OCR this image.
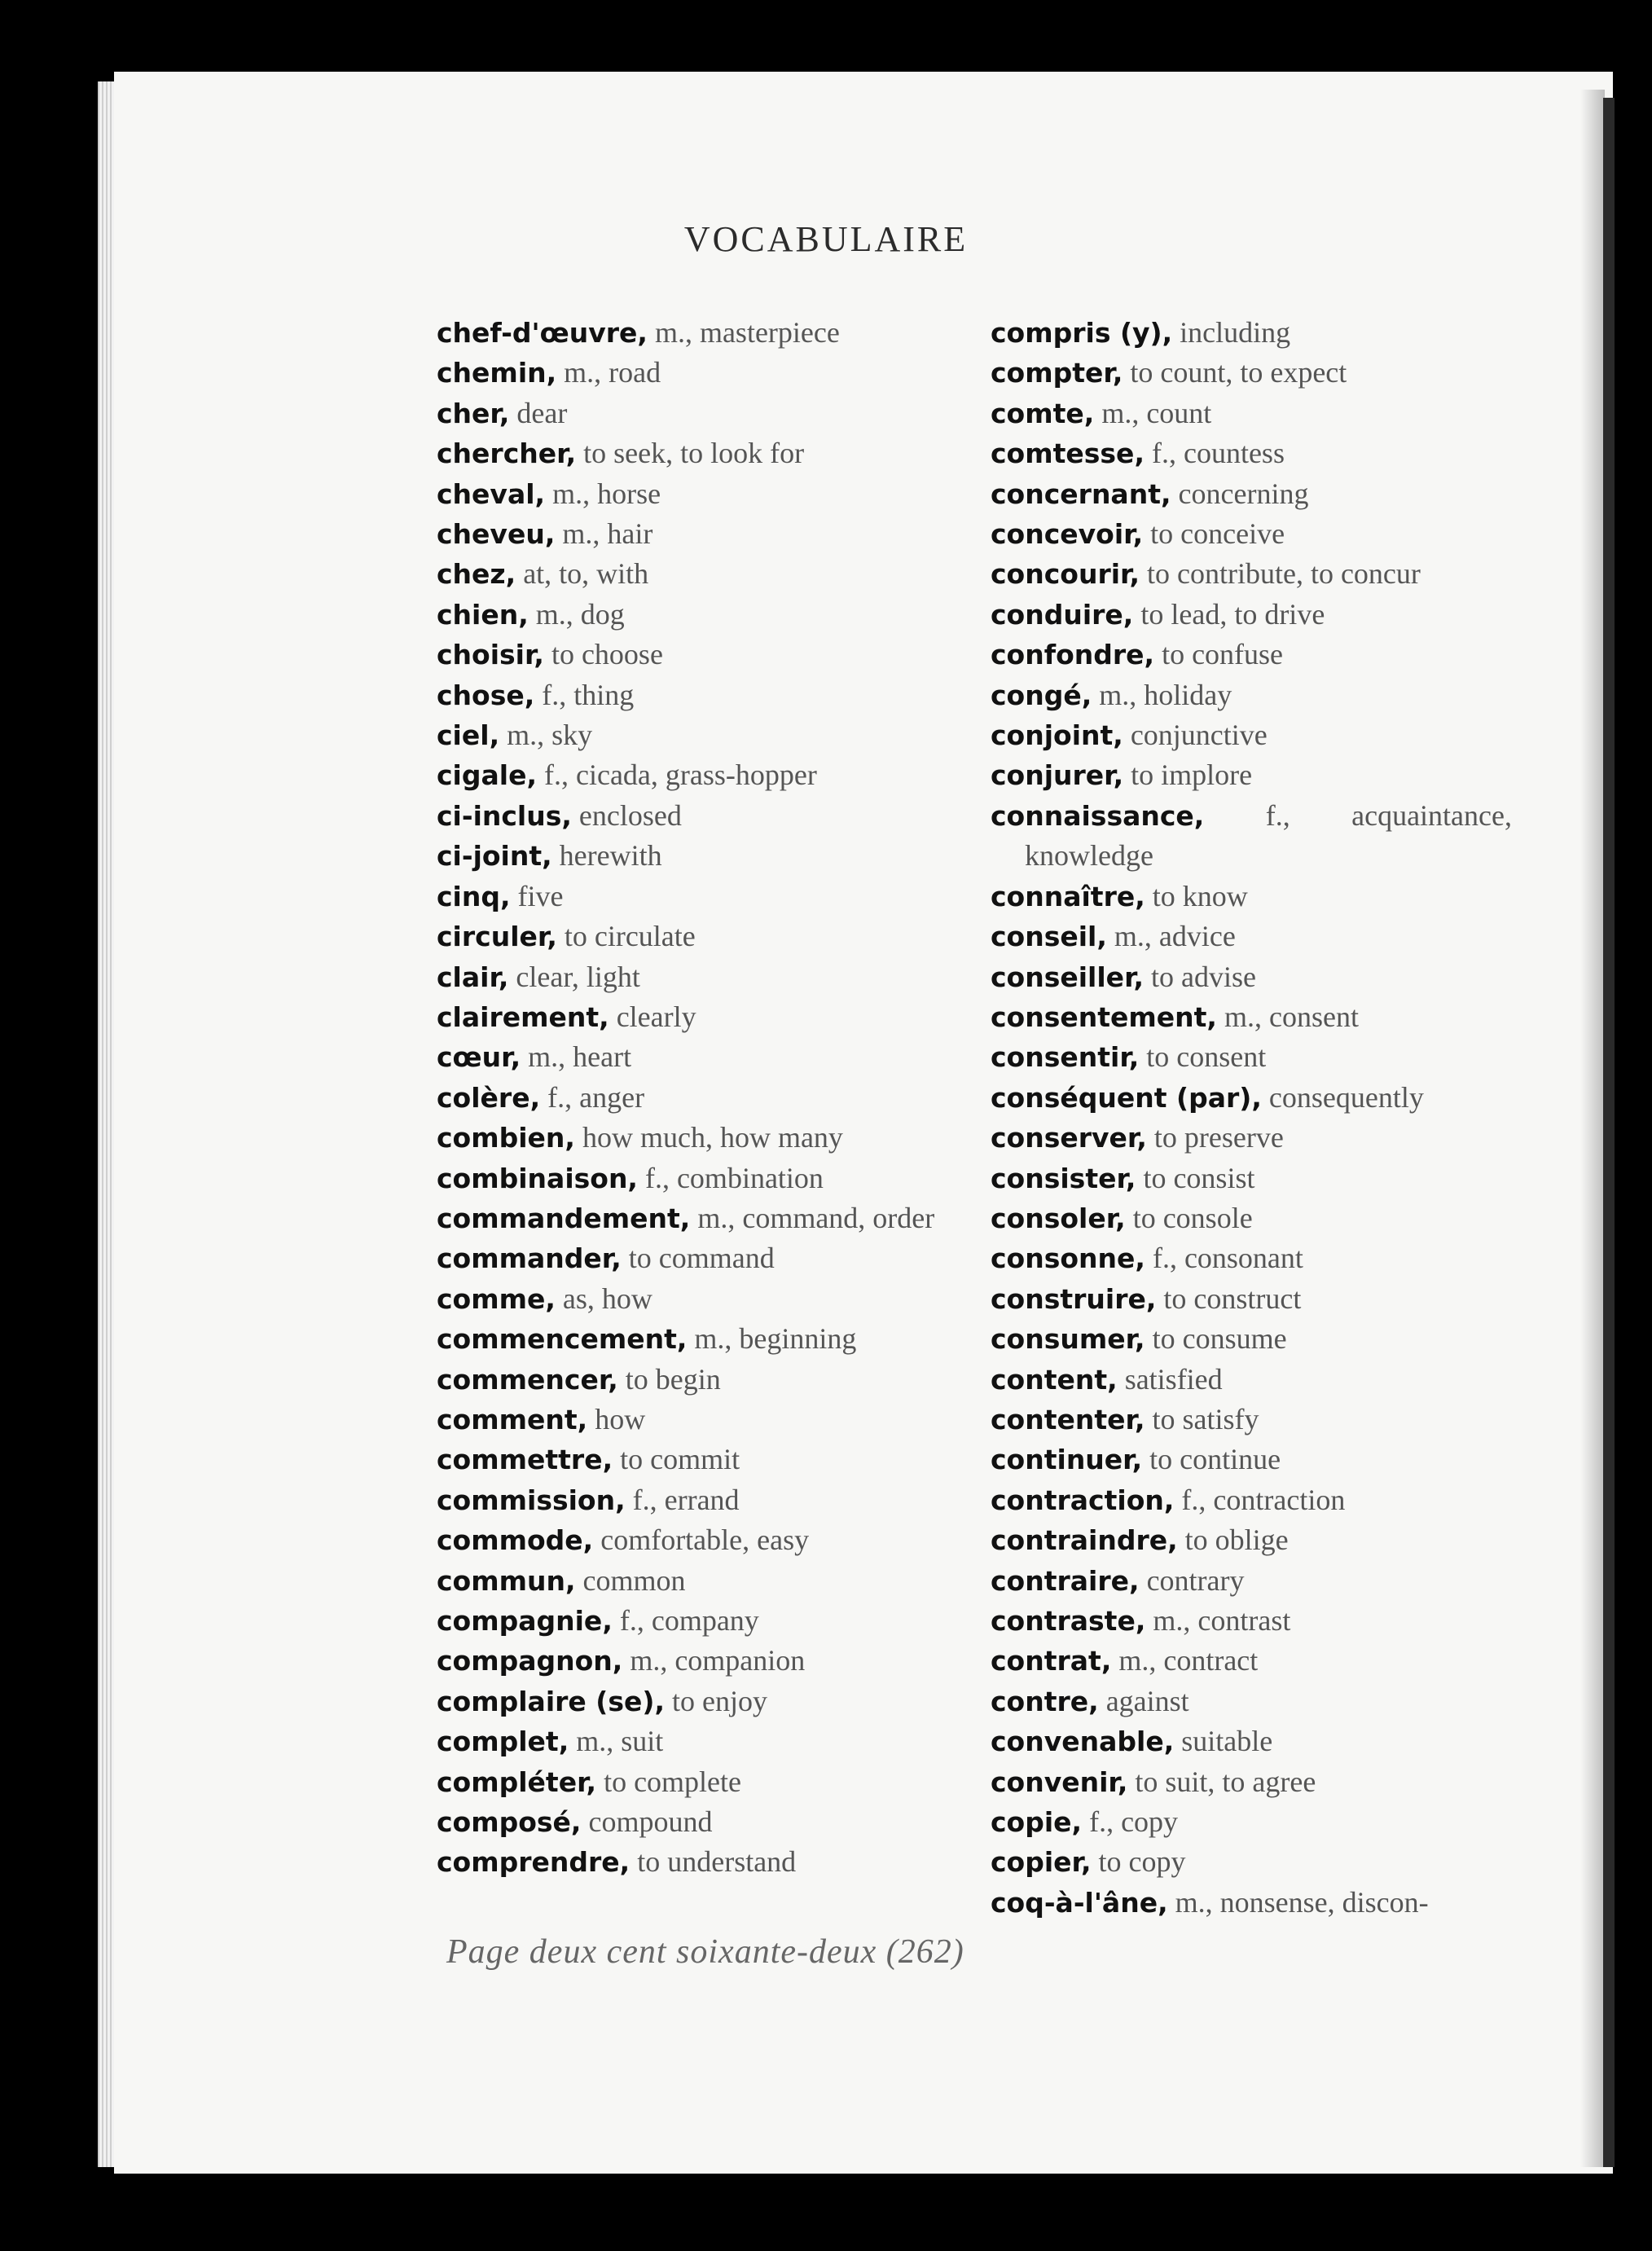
VOCABULAIRE
chef-d'œuvre, m., masterpiece
chemin, m., road
cher, dear
chercher, to seek, to look for
cheval, m., horse
cheveu, m., hair
chez, at, to, with
chien, m., dog
choisir, to choose
chose, f., thing
ciel, m., sky
cigale, f., cicada, grass-hopper
ci-inclus, enclosed
ci-joint, herewith
cinq, five
circuler, to circulate
clair, clear, light
clairement, clearly
cœur, m., heart
colère, f., anger
combien, how much, how many
combinaison, f., combination
commandement, m., command, order
commander, to command
comme, as, how
commencement, m., beginning
commencer, to begin
comment, how
commettre, to commit
commission, f., errand
commode, comfortable, easy
commun, common
compagnie, f., company
compagnon, m., companion
complaire (se), to enjoy
complet, m., suit
compléter, to complete
composé, compound
comprendre, to understand
compris (y), including
compter, to count, to expect
comte, m., count
comtesse, f., countess
concernant, concerning
concevoir, to conceive
concourir, to contribute, to concur
conduire, to lead, to drive
confondre, to confuse
congé, m., holiday
conjoint, conjunctive
conjurer, to implore
connaissance, f., acquaintance, knowledge
connaître, to know
conseil, m., advice
conseiller, to advise
consentement, m., consent
consentir, to consent
conséquent (par), consequently
conserver, to preserve
consister, to consist
consoler, to console
consonne, f., consonant
construire, to construct
consumer, to consume
content, satisfied
contenter, to satisfy
continuer, to continue
contraction, f., contraction
contraindre, to oblige
contraire, contrary
contraste, m., contrast
contrat, m., contract
contre, against
convenable, suitable
convenir, to suit, to agree
copie, f., copy
copier, to copy
coq-à-l'âne, m., nonsense, discon-
Page deux cent soixante-deux (262)
